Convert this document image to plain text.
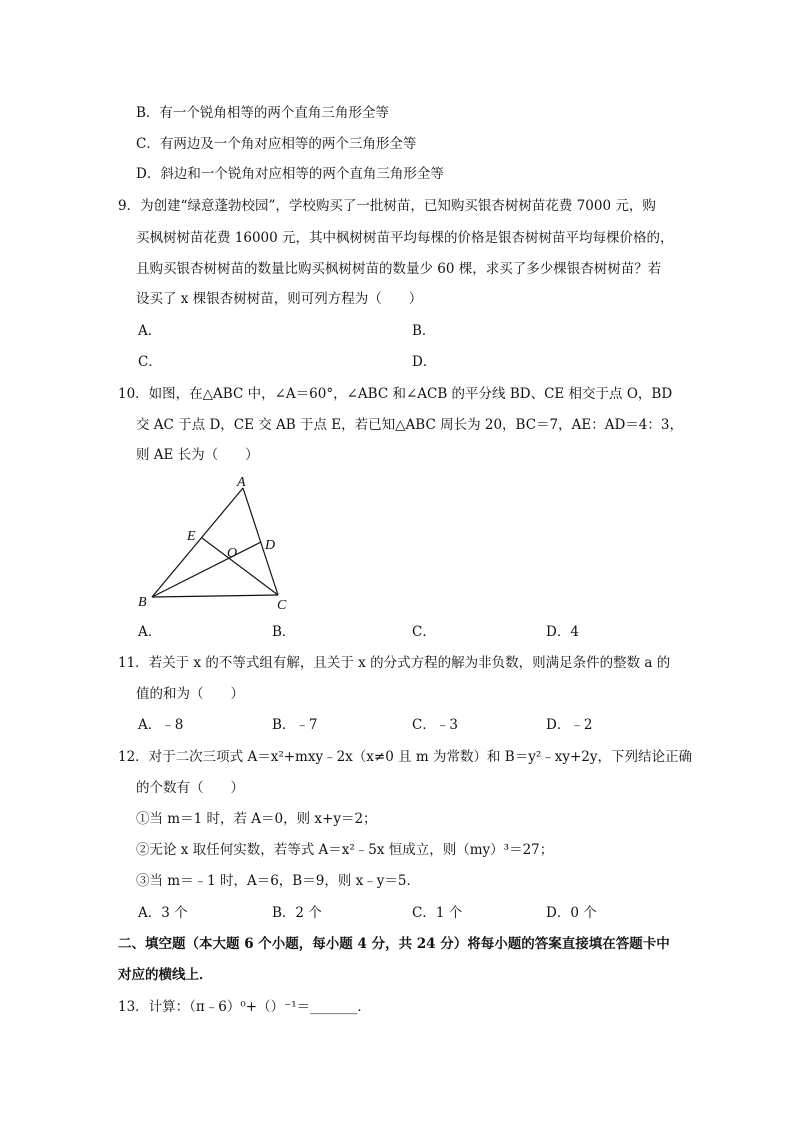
B．有一个锐角相等的两个直角三角形全等
C．有两边及一个角对应相等的两个三角形全等
D．斜边和一个锐角对应相等的两个直角三角形全等
9．为创建“绿意蓬勃校园”，学校购买了一批树苗，已知购买银杏树树苗花费 7000 元，购
买枫树树苗花费 16000 元，其中枫树树苗平均每棵的价格是银杏树树苗平均每棵价格的，
且购买银杏树树苗的数量比购买枫树树苗的数量少 60 棵，求买了多少棵银杏树树苗？若
设买了 x 棵银杏树树苗，则可列方程为（　　）
A．	B．
C．	D．
10．如图，在△ABC 中，∠A＝60°，∠ABC 和∠ACB 的平分线 BD、CE 相交于点 O，BD
交 AC 于点 D，CE 交 AB 于点 E，若已知△ABC 周长为 20，BC＝7，AE：AD＝4：3，
则 AE 长为（　　）
A
B	C
D
E
O
A．	B．	C．	D．4
11．若关于 x 的不等式组有解，且关于 x 的分式方程的解为非负数，则满足条件的整数 a 的
值的和为（　　）
A．﹣8	B．﹣7	C．﹣3	D．﹣2
12．对于二次三项式 A＝x²+mxy﹣2x（x≠0 且 m 为常数）和 B＝y²﹣xy+2y，下列结论正确
的个数有（　　）
①当 m＝1 时，若 A＝0，则 x+y＝2；
②无论 x 取任何实数，若等式 A＝x²﹣5x 恒成立，则（my）³＝27；
③当 m＝﹣1 时，A＝6，B＝9，则 x﹣y＝5．
A．3 个	B．2 个	C．1 个	D．0 个
二、填空题（本大题 6 个小题，每小题 4 分，共 24 分）将每小题的答案直接填在答题卡中
对应的横线上．
13．计算：（π﹣6）⁰+（）⁻¹＝_______．
